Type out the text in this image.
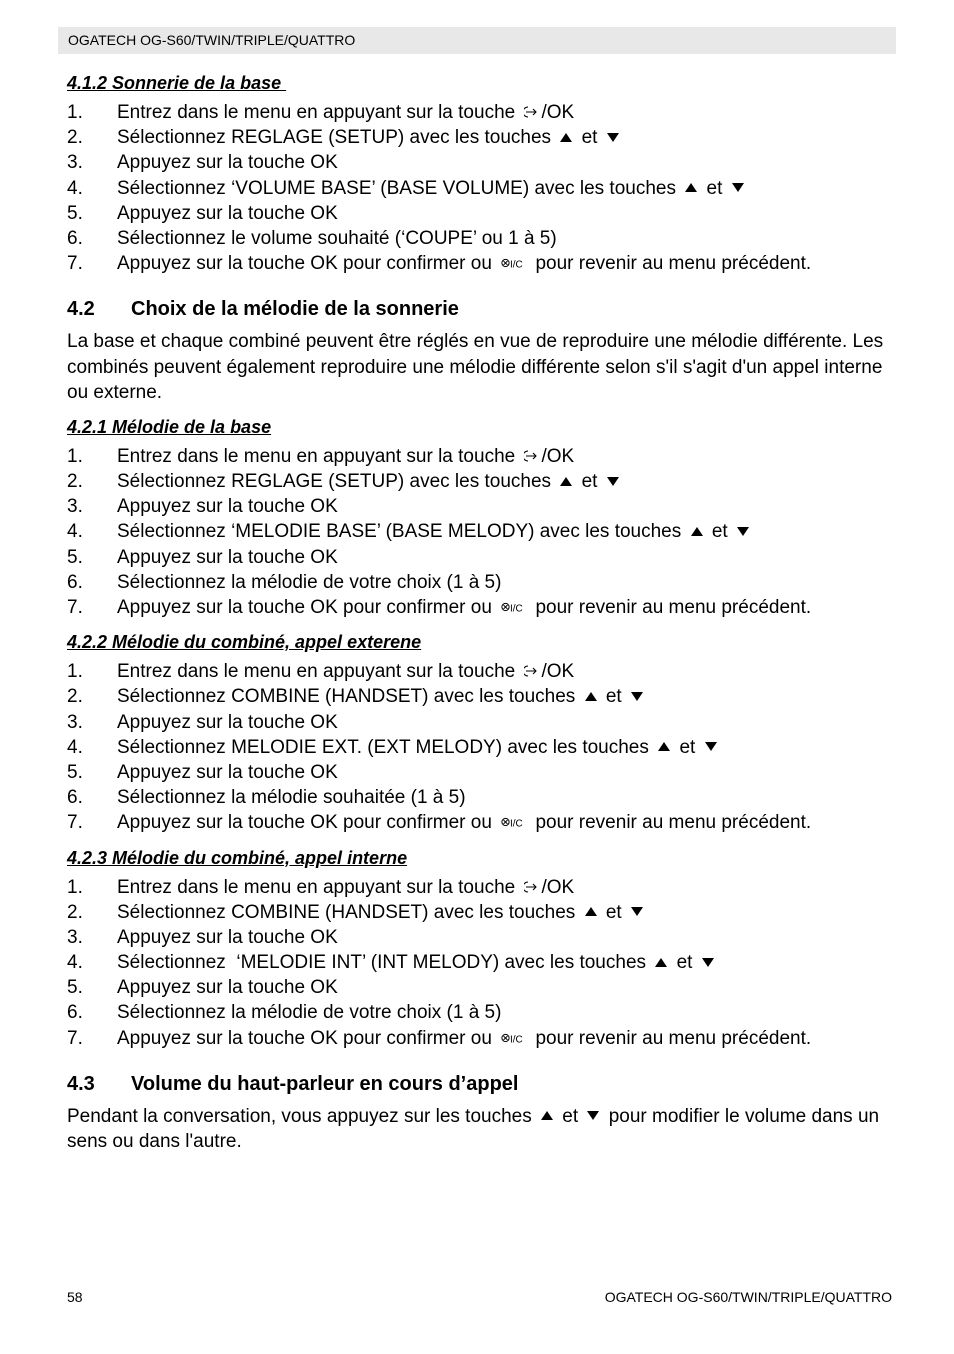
OGATECH OG-S60/TWIN/TRIPLE/QUATTRO
4.1.2 Sonnerie de la base
1.	Entrez dans le menu en appuyant sur la touche /OK
2.	Sélectionnez REGLAGE (SETUP) avec les touches et
3.	Appuyez sur la touche OK
4.	Sélectionnez ‘VOLUME BASE’ (BASE VOLUME) avec les touches et
5.	Appuyez sur la touche OK
6.	Sélectionnez le volume souhaité (‘COUPE’ ou 1 à 5)
7.	Appuyez sur la touche OK pour confirmer ou I/C pour revenir au menu précédent.
4.2	Choix de la mélodie de la sonnerie
La base et chaque combiné peuvent être réglés en vue de reproduire une mélodie différente. Les combinés peuvent également reproduire une mélodie différente selon s'il s'agit d'un appel interne ou externe.
4.2.1 Mélodie de la base
1.	Entrez dans le menu en appuyant sur la touche /OK
2.	Sélectionnez REGLAGE (SETUP) avec les touches et
3.	Appuyez sur la touche OK
4.	Sélectionnez ‘MELODIE BASE’ (BASE MELODY) avec les touches et
5.	Appuyez sur la touche OK
6.	Sélectionnez la mélodie de votre choix (1 à 5)
7.	Appuyez sur la touche OK pour confirmer ou I/C pour revenir au menu précédent.
4.2.2 Mélodie du combiné, appel exterene
1.	Entrez dans le menu en appuyant sur la touche /OK
2.	Sélectionnez COMBINE (HANDSET) avec les touches et
3.	Appuyez sur la touche OK
4.	Sélectionnez MELODIE EXT. (EXT MELODY) avec les touches et
5.	Appuyez sur la touche OK
6.	Sélectionnez la mélodie souhaitée (1 à 5)
7.	Appuyez sur la touche OK pour confirmer ou I/C pour revenir au menu précédent.
4.2.3 Mélodie du combiné, appel interne
1.	Entrez dans le menu en appuyant sur la touche /OK
2.	Sélectionnez COMBINE (HANDSET) avec les touches et
3.	Appuyez sur la touche OK
4.	Sélectionnez  ‘MELODIE INT’ (INT MELODY) avec les touches et
5.	Appuyez sur la touche OK
6.	Sélectionnez la mélodie de votre choix (1 à 5)
7.	Appuyez sur la touche OK pour confirmer ou I/C pour revenir au menu précédent.
4.3	Volume du haut-parleur en cours d’appel
Pendant la conversation, vous appuyez sur les touches et pour modifier le volume dans un sens ou dans l'autre.
58	OGATECH OG-S60/TWIN/TRIPLE/QUATTRO
